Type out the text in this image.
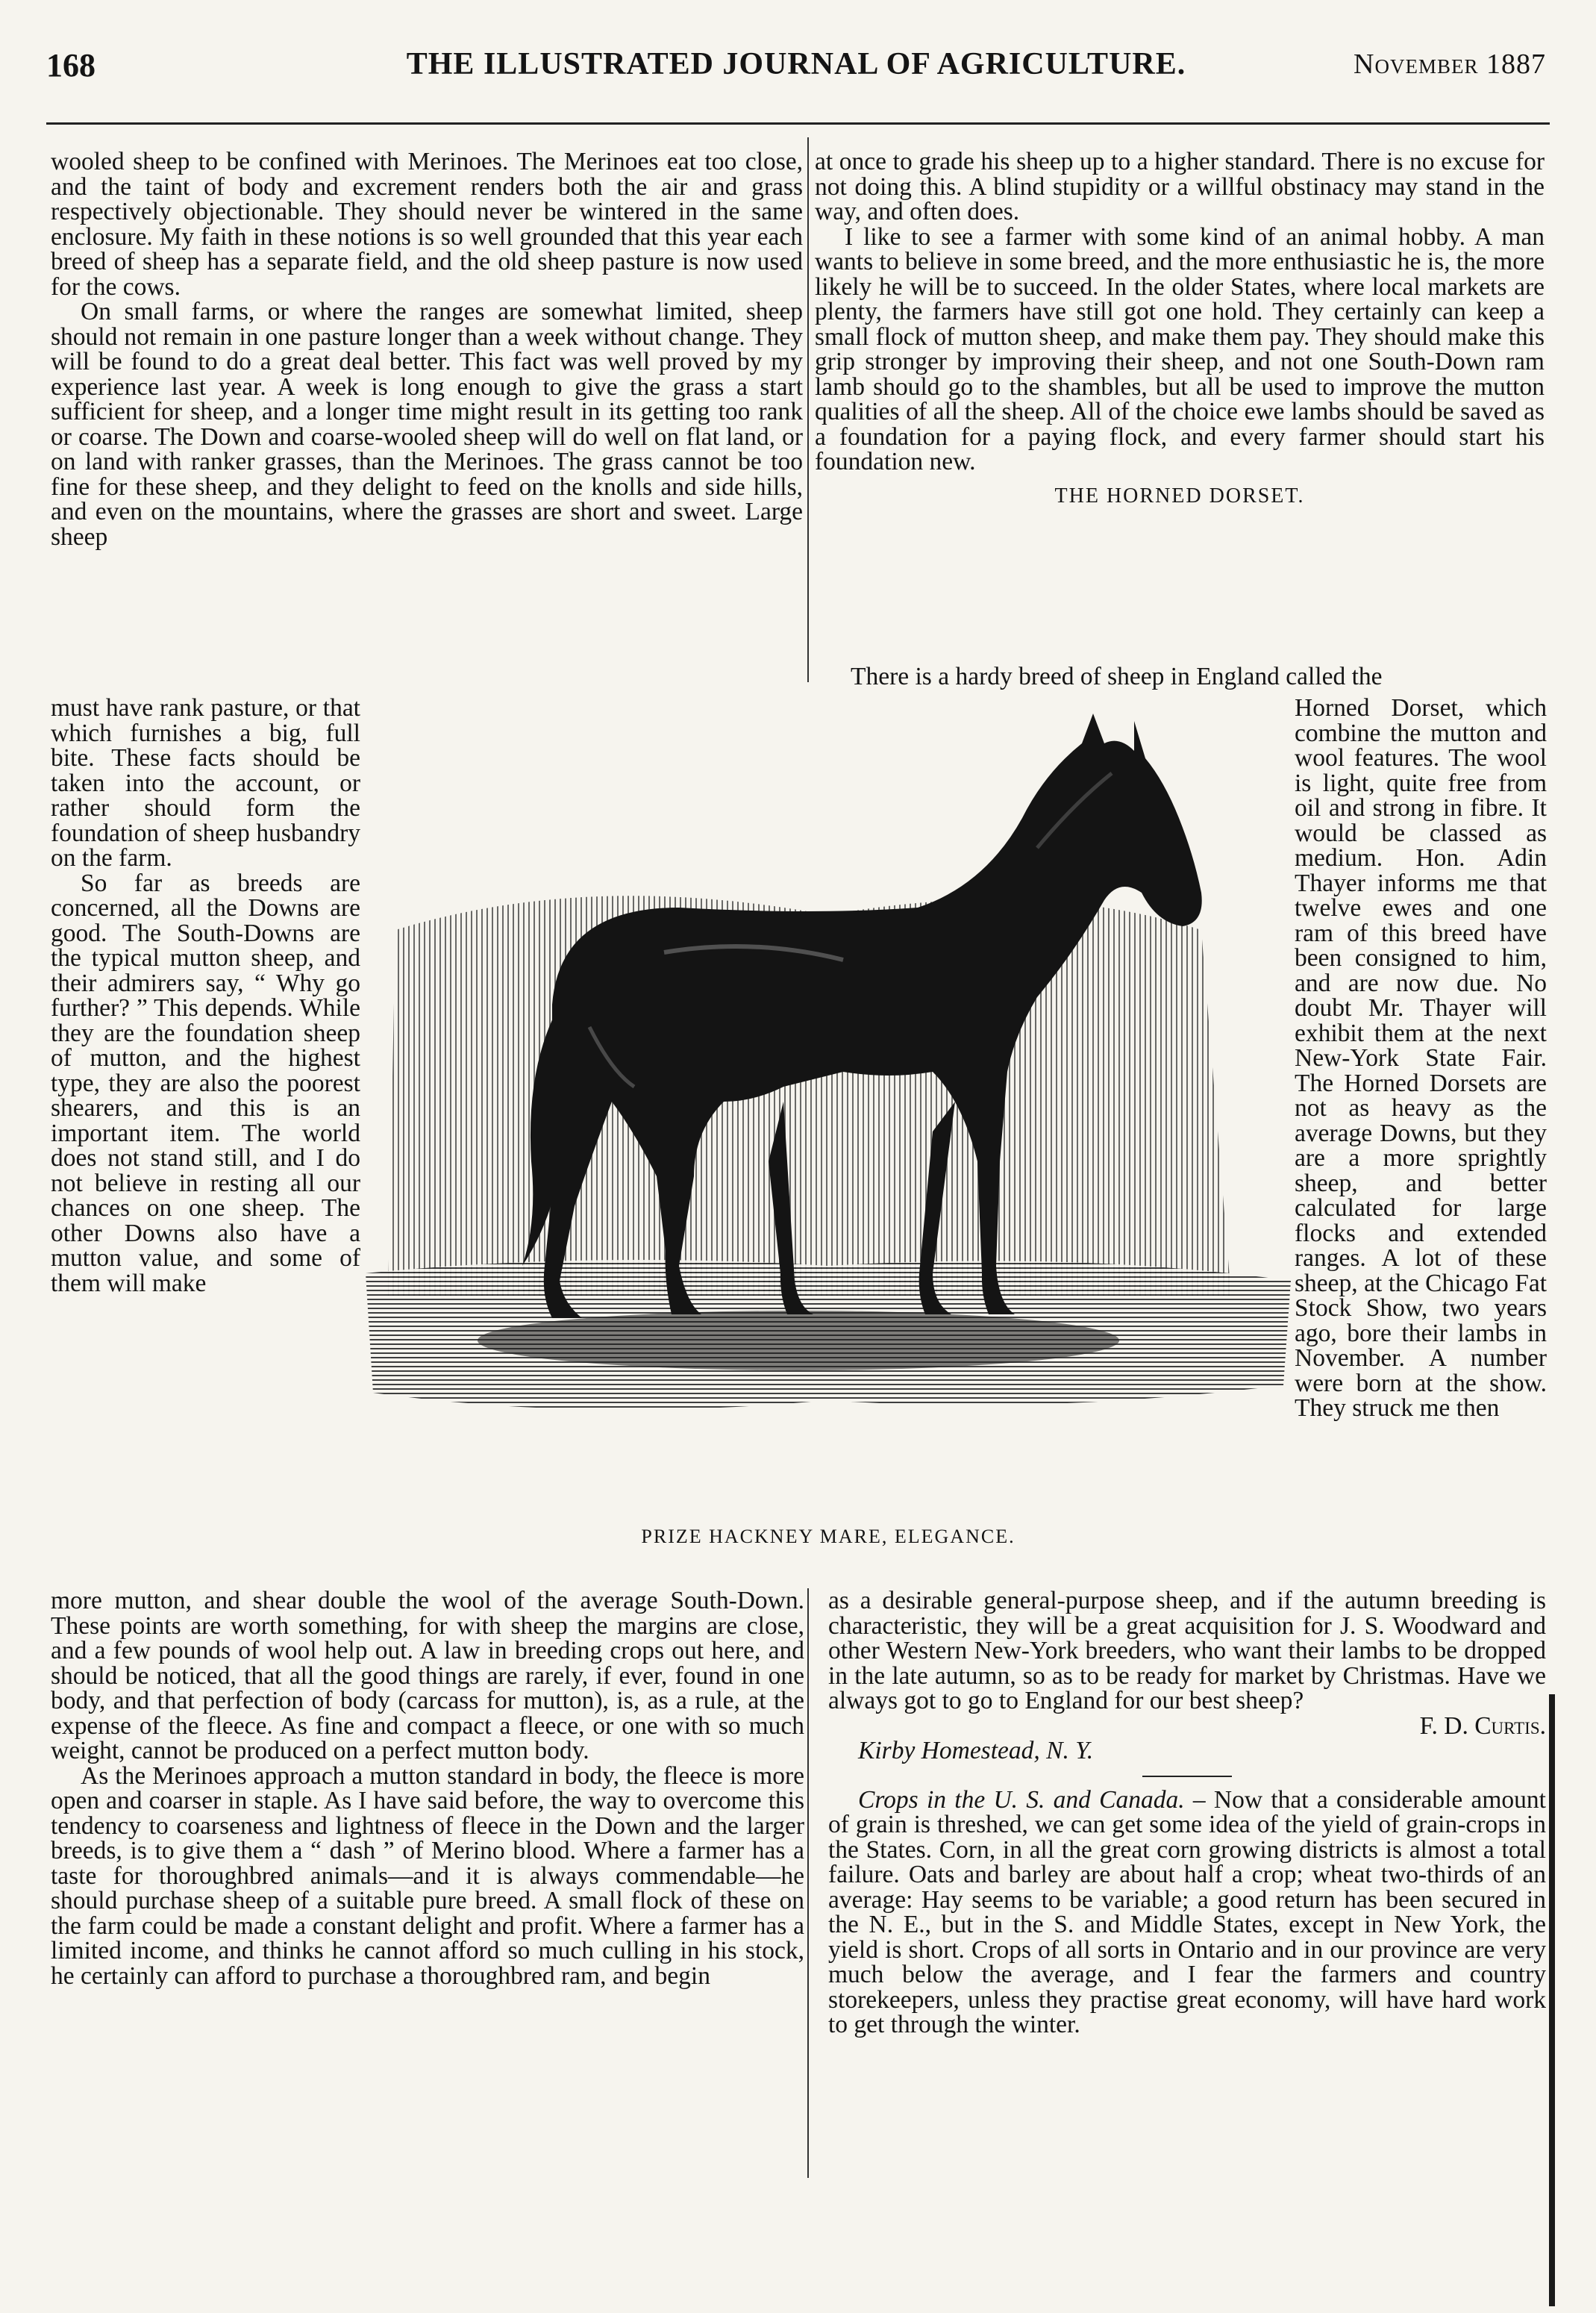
168	THE ILLUSTRATED JOURNAL OF AGRICULTURE.	November 1887

wooled sheep to be confined with Merinoes. The Merinoes eat too close, and the taint of body and excrement renders both the air and grass respectively objectionable. They should never be wintered in the same enclosure. My faith in these notions is so well grounded that this year each breed of sheep has a separate field, and the old sheep pasture is now used for the cows.

On small farms, or where the ranges are somewhat limited, sheep should not remain in one pasture longer than a week without change. They will be found to do a great deal better. This fact was well proved by my experience last year. A week is long enough to give the grass a start sufficient for sheep, and a longer time might result in its getting too rank or coarse. The Down and coarse-wooled sheep will do well on flat land, or on land with ranker grasses, than the Merinoes. The grass cannot be too fine for these sheep, and they delight to feed on the knolls and side hills, and even on the mountains, where the grasses are short and sweet. Large sheep

must have rank pasture, or that which furnishes a big, full bite. These facts should be taken into the account, or rather should form the foundation of sheep husbandry on the farm.

So far as breeds are concerned, all the Downs are good. The South-Downs are the typical mutton sheep, and their admirers say, “ Why go further? ” This depends. While they are the foundation sheep of mutton, and the highest type, they are also the poorest shearers, and this is an important item. The world does not stand still, and I do not believe in resting all our chances on one sheep. The other Downs also have a mutton value, and some of them will make

more mutton, and shear double the wool of the average South-Down. These points are worth something, for with sheep the margins are close, and a few pounds of wool help out. A law in breeding crops out here, and should be noticed, that all the good things are rarely, if ever, found in one body, and that perfection of body (carcass for mutton), is, as a rule, at the expense of the fleece. As fine and compact a fleece, or one with so much weight, cannot be produced on a perfect mutton body.

As the Merinoes approach a mutton standard in body, the fleece is more open and coarser in staple. As I have said before, the way to overcome this tendency to coarseness and lightness of fleece in the Down and the larger breeds, is to give them a “ dash ” of Merino blood. Where a farmer has a taste for thoroughbred animals—and it is always commendable—he should purchase sheep of a suitable pure breed. A small flock of these on the farm could be made a constant delight and profit. Where a farmer has a limited income, and thinks he cannot afford so much culling in his stock, he certainly can afford to purchase a thoroughbred ram, and begin

at once to grade his sheep up to a higher standard. There is no excuse for not doing this. A blind stupidity or a willful obstinacy may stand in the way, and often does.

I like to see a farmer with some kind of an animal hobby. A man wants to believe in some breed, and the more enthusiastic he is, the more likely he will be to succeed. In the older States, where local markets are plenty, the farmers have still got one hold. They certainly can keep a small flock of mutton sheep, and make them pay. They should make this grip stronger by improving their sheep, and not one South-Down ram lamb should go to the shambles, but all be used to improve the mutton qualities of all the sheep. All of the choice ewe lambs should be saved as a foundation for a paying flock, and every farmer should start his foundation new.

THE HORNED DORSET.

There is a hardy breed of sheep in England called the

Horned Dorset, which combine the mutton and wool features. The wool is light, quite free from oil and strong in fibre. It would be classed as medium. Hon. Adin Thayer informs me that twelve ewes and one ram of this breed have been consigned to him, and are now due. No doubt Mr. Thayer will exhibit them at the next New-York State Fair. The Horned Dorsets are not as heavy as the average Downs, but they are a more sprightly sheep, and better calculated for large flocks and extended ranges. A lot of these sheep, at the Chicago Fat Stock Show, two years ago, bore their lambs in November. A number were born at the show. They struck me then

as a desirable general-purpose sheep, and if the autumn breeding is characteristic, they will be a great acquisition for J. S. Woodward and other Western New-York breeders, who want their lambs to be dropped in the late autumn, so as to be ready for market by Christmas. Have we always got to go to England for our best sheep?

F. D. Curtis.

Kirby Homestead, N. Y.

Crops in the U. S. and Canada. – Now that a considerable amount of grain is threshed, we can get some idea of the yield of grain-crops in the States. Corn, in all the great corn growing districts is almost a total failure. Oats and barley are about half a crop; wheat two-thirds of an average: Hay seems to be variable; a good return has been secured in the N. E., but in the S. and Middle States, except in New York, the yield is short. Crops of all sorts in Ontario and in our province are very much below the average, and I fear the farmers and country storekeepers, unless they practise great economy, will have hard work to get through the winter.

PRIZE HACKNEY MARE, ELEGANCE.
